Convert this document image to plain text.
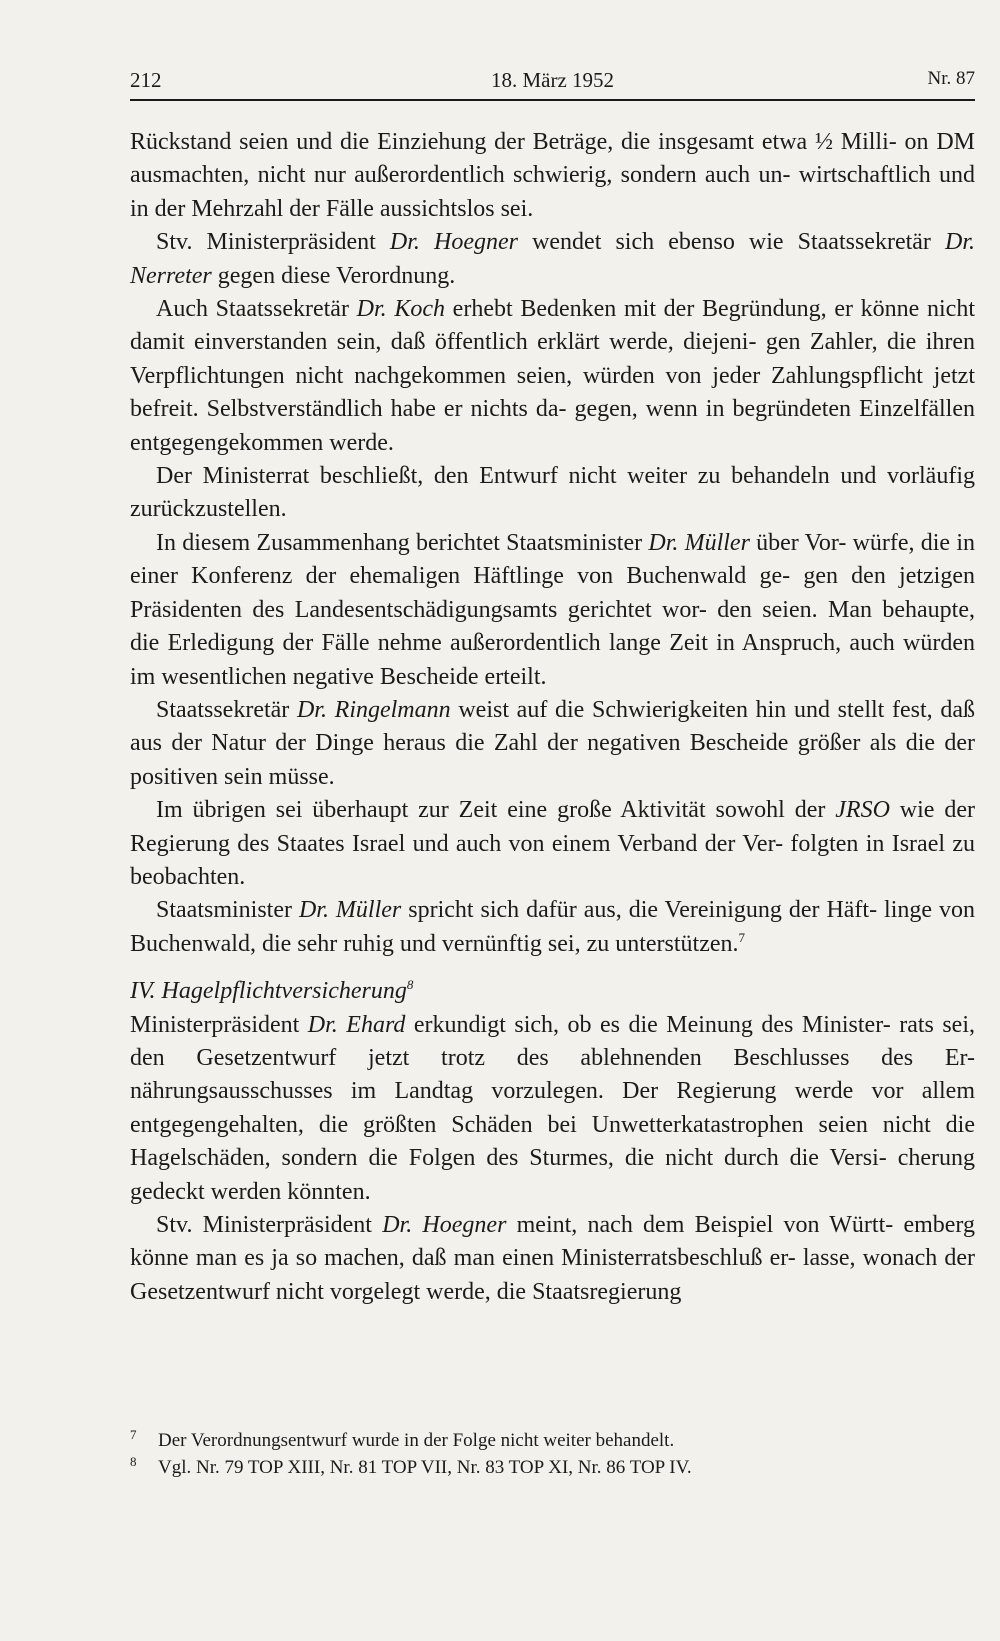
212	18. März 1952	Nr. 87

Rückstand seien und die Einziehung der Beträge, die insgesamt etwa ½ Milli- on DM ausmachten, nicht nur außerordentlich schwierig, sondern auch un- wirtschaftlich und in der Mehrzahl der Fälle aussichtslos sei.

Stv. Ministerpräsident Dr. Hoegner wendet sich ebenso wie Staatssekretär Dr. Nerreter gegen diese Verordnung.

Auch Staatssekretär Dr. Koch erhebt Bedenken mit der Begründung, er könne nicht damit einverstanden sein, daß öffentlich erklärt werde, diejeni- gen Zahler, die ihren Verpflichtungen nicht nachgekommen seien, würden von jeder Zahlungspflicht jetzt befreit. Selbstverständlich habe er nichts da- gegen, wenn in begründeten Einzelfällen entgegengekommen werde.

Der Ministerrat beschließt, den Entwurf nicht weiter zu behandeln und vorläufig zurückzustellen.

In diesem Zusammenhang berichtet Staatsminister Dr. Müller über Vor- würfe, die in einer Konferenz der ehemaligen Häftlinge von Buchenwald ge- gen den jetzigen Präsidenten des Landesentschädigungsamts gerichtet wor- den seien. Man behaupte, die Erledigung der Fälle nehme außerordentlich lange Zeit in Anspruch, auch würden im wesentlichen negative Bescheide erteilt.

Staatssekretär Dr. Ringelmann weist auf die Schwierigkeiten hin und stellt fest, daß aus der Natur der Dinge heraus die Zahl der negativen Bescheide größer als die der positiven sein müsse.

Im übrigen sei überhaupt zur Zeit eine große Aktivität sowohl der JRSO wie der Regierung des Staates Israel und auch von einem Verband der Ver- folgten in Israel zu beobachten.

Staatsminister Dr. Müller spricht sich dafür aus, die Vereinigung der Häft- linge von Buchenwald, die sehr ruhig und vernünftig sei, zu unterstützen.$^7$

IV. Hagelpflichtversicherung$^8$

Ministerpräsident Dr. Ehard erkundigt sich, ob es die Meinung des Minister- rats sei, den Gesetzentwurf jetzt trotz des ablehnenden Beschlusses des Er- nährungsausschusses im Landtag vorzulegen. Der Regierung werde vor allem entgegengehalten, die größten Schäden bei Unwetterkatastrophen seien nicht die Hagelschäden, sondern die Folgen des Sturmes, die nicht durch die Versi- cherung gedeckt werden könnten.

Stv. Ministerpräsident Dr. Hoegner meint, nach dem Beispiel von Württ- emberg könne man es ja so machen, daß man einen Ministerratsbeschluß er- lasse, wonach der Gesetzentwurf nicht vorgelegt werde, die Staatsregierung

7	Der Verordnungsentwurf wurde in der Folge nicht weiter behandelt.
8	Vgl. Nr. 79 TOP XIII, Nr. 81 TOP VII, Nr. 83 TOP XI, Nr. 86 TOP IV.
